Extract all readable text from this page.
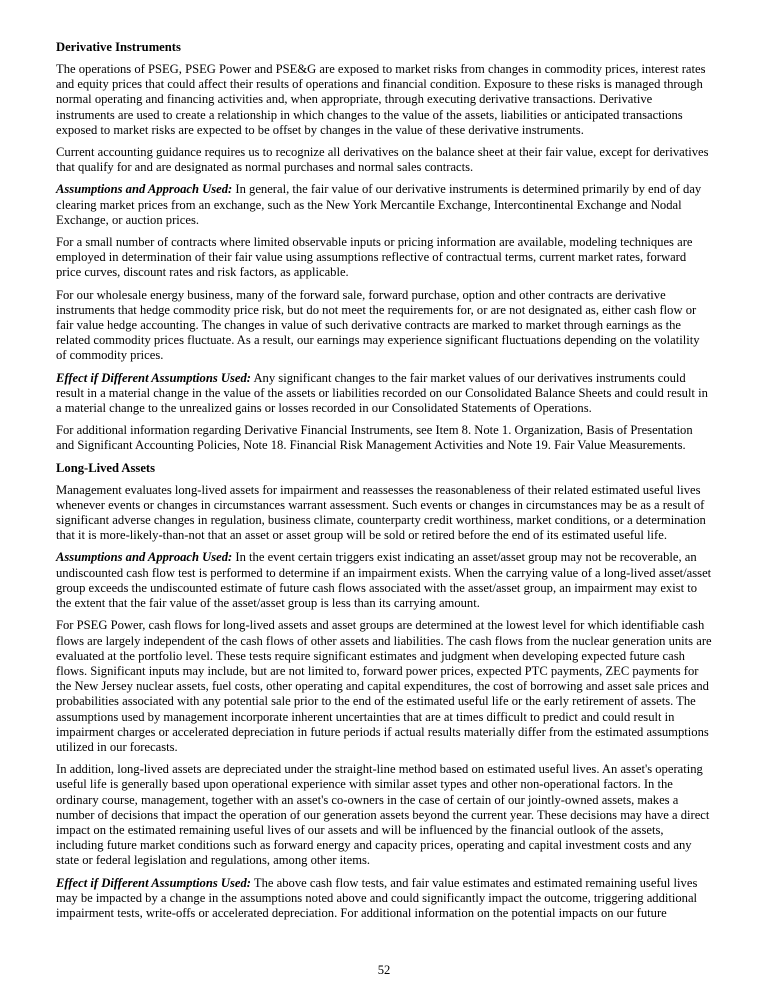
Derivative Instruments

The operations of PSEG, PSEG Power and PSE&G are exposed to market risks from changes in commodity prices, interest rates and equity prices that could affect their results of operations and financial condition. Exposure to these risks is managed through normal operating and financing activities and, when appropriate, through executing derivative transactions. Derivative instruments are used to create a relationship in which changes to the value of the assets, liabilities or anticipated transactions exposed to market risks are expected to be offset by changes in the value of these derivative instruments.

Current accounting guidance requires us to recognize all derivatives on the balance sheet at their fair value, except for derivatives that qualify for and are designated as normal purchases and normal sales contracts.

Assumptions and Approach Used: In general, the fair value of our derivative instruments is determined primarily by end of day clearing market prices from an exchange, such as the New York Mercantile Exchange, Intercontinental Exchange and Nodal Exchange, or auction prices.

For a small number of contracts where limited observable inputs or pricing information are available, modeling techniques are employed in determination of their fair value using assumptions reflective of contractual terms, current market rates, forward price curves, discount rates and risk factors, as applicable.

For our wholesale energy business, many of the forward sale, forward purchase, option and other contracts are derivative instruments that hedge commodity price risk, but do not meet the requirements for, or are not designated as, either cash flow or fair value hedge accounting. The changes in value of such derivative contracts are marked to market through earnings as the related commodity prices fluctuate. As a result, our earnings may experience significant fluctuations depending on the volatility of commodity prices.

Effect if Different Assumptions Used: Any significant changes to the fair market values of our derivatives instruments could result in a material change in the value of the assets or liabilities recorded on our Consolidated Balance Sheets and could result in a material change to the unrealized gains or losses recorded in our Consolidated Statements of Operations.

For additional information regarding Derivative Financial Instruments, see Item 8. Note 1. Organization, Basis of Presentation and Significant Accounting Policies, Note 18. Financial Risk Management Activities and Note 19. Fair Value Measurements.

Long-Lived Assets

Management evaluates long-lived assets for impairment and reassesses the reasonableness of their related estimated useful lives whenever events or changes in circumstances warrant assessment. Such events or changes in circumstances may be as a result of significant adverse changes in regulation, business climate, counterparty credit worthiness, market conditions, or a determination that it is more-likely-than-not that an asset or asset group will be sold or retired before the end of its estimated useful life.

Assumptions and Approach Used: In the event certain triggers exist indicating an asset/asset group may not be recoverable, an undiscounted cash flow test is performed to determine if an impairment exists. When the carrying value of a long-lived asset/asset group exceeds the undiscounted estimate of future cash flows associated with the asset/asset group, an impairment may exist to the extent that the fair value of the asset/asset group is less than its carrying amount.

For PSEG Power, cash flows for long-lived assets and asset groups are determined at the lowest level for which identifiable cash flows are largely independent of the cash flows of other assets and liabilities. The cash flows from the nuclear generation units are evaluated at the portfolio level. These tests require significant estimates and judgment when developing expected future cash flows. Significant inputs may include, but are not limited to, forward power prices, expected PTC payments, ZEC payments for the New Jersey nuclear assets, fuel costs, other operating and capital expenditures, the cost of borrowing and asset sale prices and probabilities associated with any potential sale prior to the end of the estimated useful life or the early retirement of assets. The assumptions used by management incorporate inherent uncertainties that are at times difficult to predict and could result in impairment charges or accelerated depreciation in future periods if actual results materially differ from the estimated assumptions utilized in our forecasts.

In addition, long-lived assets are depreciated under the straight-line method based on estimated useful lives. An asset's operating useful life is generally based upon operational experience with similar asset types and other non-operational factors. In the ordinary course, management, together with an asset's co-owners in the case of certain of our jointly-owned assets, makes a number of decisions that impact the operation of our generation assets beyond the current year. These decisions may have a direct impact on the estimated remaining useful lives of our assets and will be influenced by the financial outlook of the assets, including future market conditions such as forward energy and capacity prices, operating and capital investment costs and any state or federal legislation and regulations, among other items.

Effect if Different Assumptions Used: The above cash flow tests, and fair value estimates and estimated remaining useful lives may be impacted by a change in the assumptions noted above and could significantly impact the outcome, triggering additional impairment tests, write-offs or accelerated depreciation. For additional information on the potential impacts on our future

52
